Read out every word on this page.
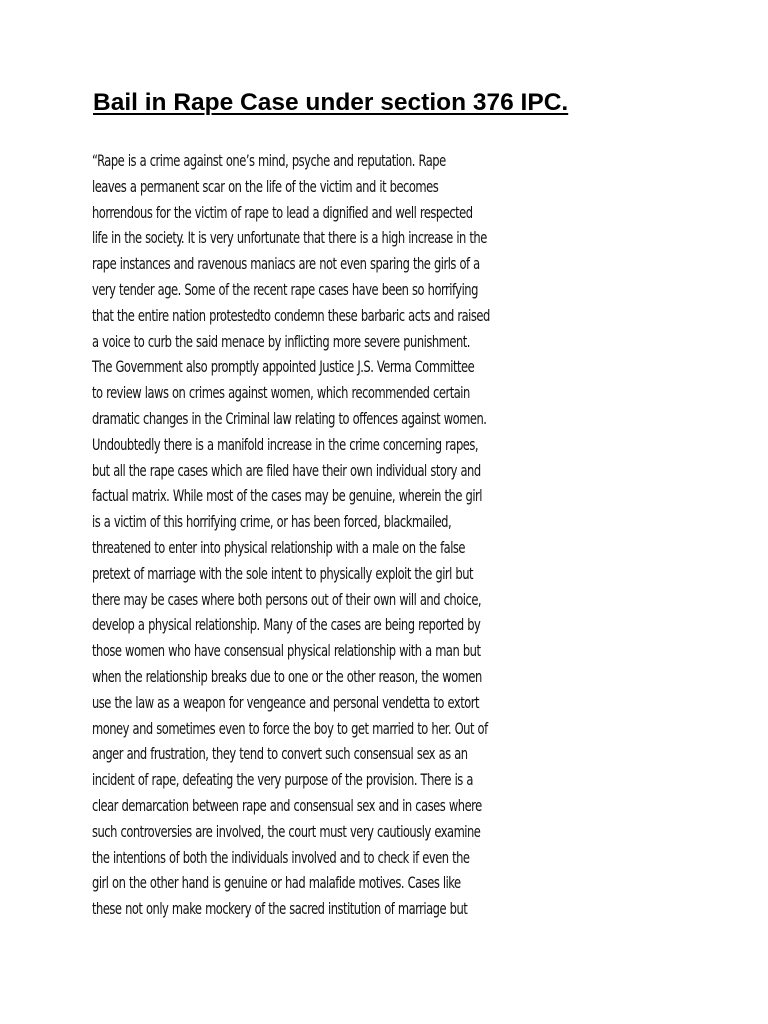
Bail in Rape Case under section 376 IPC.
“Rape is a crime against one’s mind, psyche and reputation. Rape
leaves a permanent scar on the life of the victim and it becomes
horrendous for the victim of rape to lead a dignified and well respected
life in the society. It is very unfortunate that there is a high increase in the
rape instances and ravenous maniacs are not even sparing the girls of a
very tender age. Some of the recent rape cases have been so horrifying
that the entire nation protestedto condemn these barbaric acts and raised
a voice to curb the said menace by inflicting more severe punishment.
The Government also promptly appointed Justice J.S. Verma Committee
to review laws on crimes against women, which recommended certain
dramatic changes in the Criminal law relating to offences against women.
Undoubtedly there is a manifold increase in the crime concerning rapes,
but all the rape cases which are filed have their own individual story and
factual matrix. While most of the cases may be genuine, wherein the girl
is a victim of this horrifying crime, or has been forced, blackmailed,
threatened to enter into physical relationship with a male on the false
pretext of marriage with the sole intent to physically exploit the girl but
there may be cases where both persons out of their own will and choice,
develop a physical relationship. Many of the cases are being reported by
those women who have consensual physical relationship with a man but
when the relationship breaks due to one or the other reason, the women
use the law as a weapon for vengeance and personal vendetta to extort
money and sometimes even to force the boy to get married to her. Out of
anger and frustration, they tend to convert such consensual sex as an
incident of rape, defeating the very purpose of the provision. There is a
clear demarcation between rape and consensual sex and in cases where
such controversies are involved, the court must very cautiously examine
the intentions of both the individuals involved and to check if even the
girl on the other hand is genuine or had malafide motives. Cases like
these not only make mockery of the sacred institution of marriage but
